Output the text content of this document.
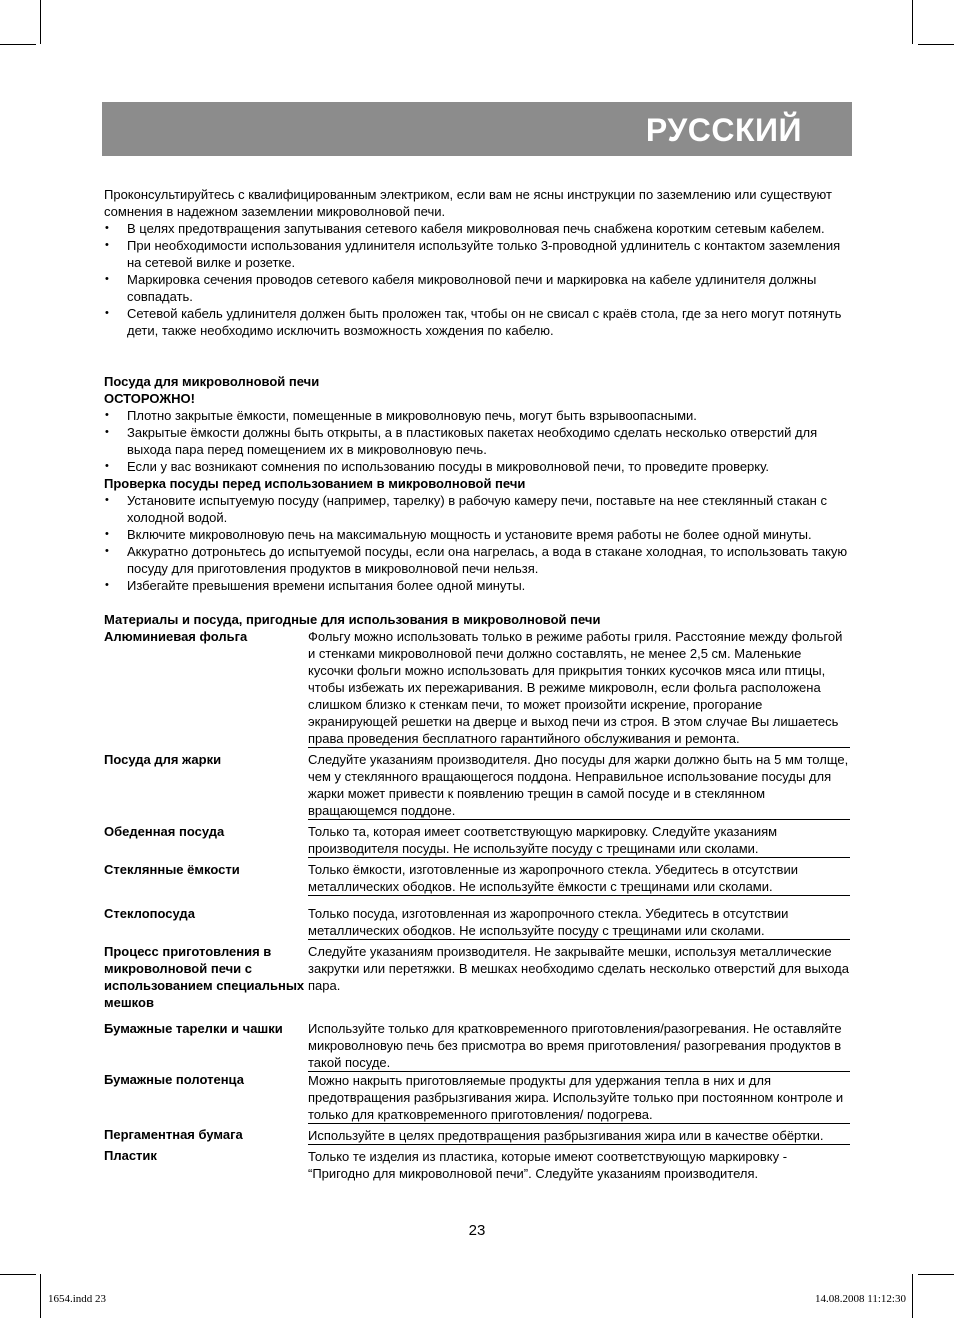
РУССКИЙ

Проконсультируйтесь с квалифицированным электриком, если вам не ясны инструкции по заземлению или существуют сомнения в надежном заземлении микроволновой печи.

• В целях предотвращения запутывания сетевого кабеля микроволновая печь снабжена коротким сетевым кабелем.
• При необходимости использования удлинителя используйте только 3-проводной удлинитель с контактом заземления на сетевой вилке и розетке.
• Маркировка сечения проводов сетевого кабеля микроволновой печи и маркировка на кабеле удлинителя должны совпадать.
• Сетевой кабель удлинителя должен быть проложен так, чтобы он не свисал с краёв стола, где за него могут потянуть дети, также необходимо исключить возможность хождения по кабелю.

Посуда для микроволновой печи

ОСТОРОЖНО!

• Плотно закрытые ёмкости, помещенные в микроволновую печь, могут быть взрывоопасными.
• Закрытые ёмкости должны быть открыты, а в пластиковых пакетах необходимо сделать несколько отверстий для выхода пара перед помещением их в микроволновую печь.
• Если у вас возникают сомнения по использованию посуды в микроволновой печи, то проведите проверку.

Проверка посуды перед использованием в микроволновой печи

• Установите испытуемую посуду (например, тарелку) в рабочую камеру печи, поставьте на нее стеклянный стакан с холодной водой.
• Включите микроволновую печь на максимальную мощность и установите время работы не более одной минуты.
• Аккуратно дотроньтесь до испытуемой посуды, если она нагрелась, а вода в стакане холодная, то использовать такую посуду для приготовления продуктов в микроволновой печи нельзя.
• Избегайте превышения времени испытания более одной минуты.

Материалы и посуда, пригодные для использования в микроволновой печи

Алюминиевая фольга	Фольгу можно использовать только в режиме работы гриля. Расстояние между фольгой и стенками микроволновой печи должно составлять, не менее 2,5 см. Маленькие кусочки фольги можно использовать для прикрытия тонких кусочков мяса или птицы, чтобы избежать их пережаривания. В режиме микроволн, если фольга расположена слишком близко к стенкам печи, то может произойти искрение, прогорание экранирующей решетки на дверце и выход печи из строя. В этом случае Вы лишаетесь права проведения бесплатного гарантийного обслуживания и ремонта.
Посуда для жарки	Следуйте указаниям производителя. Дно посуды для жарки должно быть на 5 мм толще, чем у стеклянного вращающегося поддона. Неправильное использование посуды для жарки может привести к появлению трещин в самой посуде и в стеклянном вращающемся поддоне.
Обеденная посуда	Только та, которая имеет соответствующую маркировку. Следуйте указаниям производителя посуды. Не используйте посуду с трещинами или сколами.
Стеклянные ёмкости	Только ёмкости, изготовленные из жаропрочного стекла. Убедитесь в отсутствии металлических ободков. Не используйте ёмкости с трещинами или сколами.
Стеклопосуда	Только посуда, изготовленная из жаропрочного стекла. Убедитесь в отсутствии металлических ободков. Не используйте посуду с трещинами или сколами.
Процесс приготовления в микроволновой печи с использованием специальных мешков	Следуйте указаниям производителя. Не закрывайте мешки, используя металлические закрутки или перетяжки. В мешках необходимо сделать несколько отверстий для выхода пара.
Бумажные тарелки и чашки	Используйте только для кратковременного приготовления/разогревания. Не оставляйте микроволновую печь без присмотра во время приготовления/ разогревания продуктов в такой посуде.
Бумажные полотенца	Можно накрыть приготовляемые продукты для удержания тепла в них и для предотвращения разбрызгивания жира. Используйте только при постоянном контроле и только для кратковременного приготовления/ подогрева.
Пергаментная бумага	Используйте в целях предотвращения разбрызгивания жира или в качестве обёртки.
Пластик	Только те изделия из пластика, которые имеют соответствующую маркировку - “Пригодно для микроволновой печи”. Следуйте указаниям производителя.
23
1654.indd 23	14.08.2008 11:12:30
